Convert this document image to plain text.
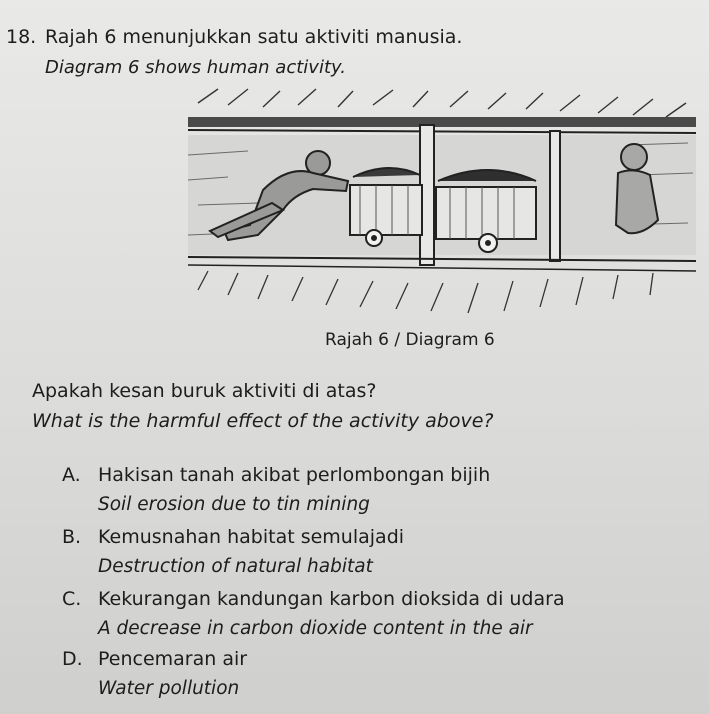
18. Rajah 6 menunjukkan satu aktiviti manusia.
Diagram 6 shows human activity.
Rajah 6 / Diagram 6
Apakah kesan buruk aktiviti di atas?
What is the harmful effect of the activity above?
A. Hakisan tanah akibat perlombongan bijih
Soil erosion due to tin mining
B. Kemusnahan habitat semulajadi
Destruction of natural habitat
C. Kekurangan kandungan karbon dioksida di udara
A decrease in carbon dioxide content in the air
D. Pencemaran air
Water pollution
